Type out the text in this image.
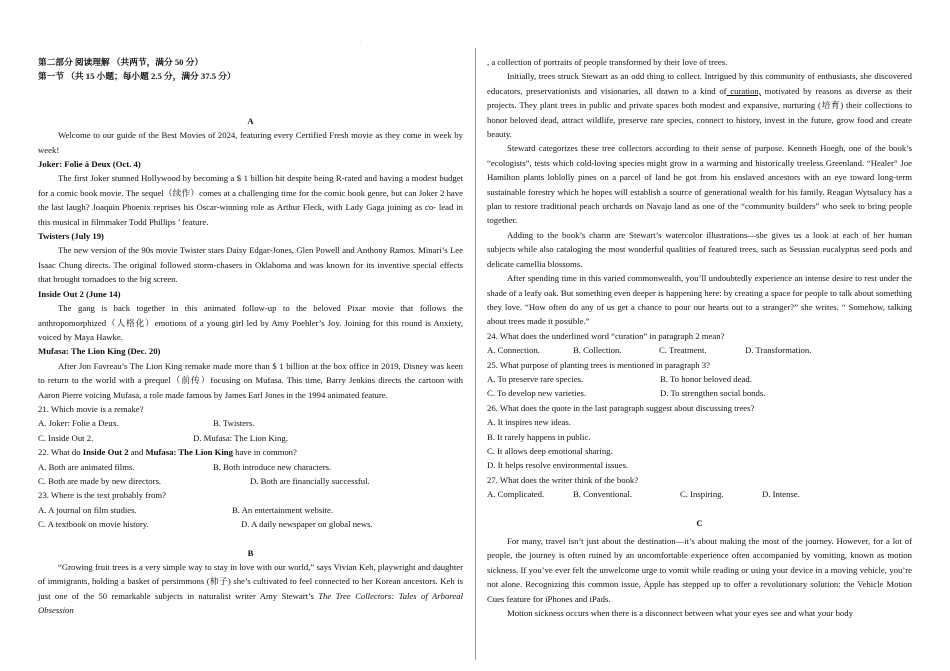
·

第二部分 阅读理解 （共两节，满分 50 分）

第一节 （共 15 小题；每小题 2.5 分，满分 37.5 分）

A

Welcome to our guide of the Best Movies of 2024, featuring every Certified Fresh movie as they come in week by week!

Joker: Folie à Deux (Oct. 4)

The first Joker stunned Hollywood by becoming a $ 1 billion hit despite being R-rated and having a modest budget for a comic book movie. The sequel（续作）comes at a challenging time for the comic book genre, but can Joker 2 have the last laugh? Joaquin Phoenix reprises his Oscar-winning role as Arthur Fleck, with Lady Gaga joining as co- lead in this musical in filmmaker Todd Phillips ’ feature.

Twisters (July 19)

The new version of the 90s movie Twister stars Daisy Edgar-Jones, Glen Powell and Anthony Ramos. Minari’s Lee Isaac Chung directs. The original followed storm-chasers in Oklahoma and was known for its inventive special effects that brought tornadoes to the big screen.

Inside Out 2 (June 14)

The gang is back together in this animated follow-up to the beloved Pixar movie that follows the anthropomorphized（人格化）emotions of a young girl led by Amy Poehler’s Joy. Joining for this round is Anxiety, voiced by Maya Hawke.

Mufasa: The Lion King (Dec. 20)

After Jon Favreau’s The Lion King remake made more than $ 1 billion at the box office in 2019, Disney was keen to return to the world with a prequel（前传）focusing on Mufasa. This time, Barry Jenkins directs the cartoon with Aaron Pierre voicing Mufasa, a role made famous by James Earl Jones in the 1994 animated feature.

21. Which movie is a remake?

A. Joker: Folie a Deux.	B. Twisters.
C. Inside Out 2.	D. Mufasa: The Lion King.

22. What do Inside Out 2 and Mufasa: The Lion King have in common?

A. Both are animated films.	B. Both introduce new characters.
C. Both are made by new directors.	D. Both are financially successful.

23. Where is the text probably from?

A. A journal on film studies.	B. An entertainment website.
C. A textbook on movie history.	D. A daily newspaper on global news.

B

“Growing fruit trees is a very simple way to stay in love with our world,” says Vivian Keh, playwright and daughter of immigrants, holding a basket of persimmons (柿子) she’s cultivated to feel connected to her Korean ancestors. Keh is just one of the 50 remarkable subjects in naturalist writer Amy Stewart’s The Tree Collectors: Tales of Arboreal Obsession

, a collection of portraits of people transformed by their love of trees.

Initially, trees struck Stewart as an odd thing to collect. Intrigued by this community of enthusiasts, she discovered educators, preservationists and visionaries, all drawn to a kind of curation, motivated by reasons as diverse as their projects. They plant trees in public and private spaces both modest and expansive, nurturing (培育) their collections to honor beloved dead, attract wildlife, preserve rare species, connect to history, invest in the future, grow food and create beauty.

Steward categorizes these tree collectors according to their sense of purpose. Kenneth Hoegh, one of the book’s “ecologists”, tests which cold-loving species might grow in a warming and historically treeless Greenland. “Healer” Joe Hamilton plants loblolly pines on a parcel of land he got from his enslaved ancestors with an eye toward long-term sustainable forestry which he hopes will establish a source of generational wealth for his family. Reagan Wytsalucy has a plan to restore traditional peach orchards on Navajo land as one of the “community builders” who seek to bring people together.

Adding to the book’s charm are Stewart’s watercolor illustrations—she gives us a look at each of her human subjects while also cataloging the most wonderful qualities of featured trees, such as Seussian eucalyptus seed pods and delicate camellia blossoms.

After spending time in this varied commonwealth, you’ll undoubtedly experience an intense desire to rest under the shade of a leafy oak. But something even deeper is happening here: by creating a space for people to talk about something they love. “How often do any of us get a chance to pour our hearts out to a stranger?” she writes. “ Somehow, talking about trees made it possible.”

24. What does the underlined word “curation” in paragraph 2 mean?

A. Connection.	B. Collection.	C. Treatment.	D. Transformation.

25. What purpose of planting trees is mentioned in paragraph 3?

A. To preserve rare species.	B. To honor beloved dead.
C. To develop new varieties.	D. To strengthen social bonds.

26. What does the quote in the last paragraph suggest about discussing trees?

A. It inspires new ideas.

B. It rarely happens in public.

C. It allows deep emotional sharing.

D. It helps resolve environmental issues.

27. What does the writer think of the book?

A. Complicated.	B. Conventional.	C. Inspiring.	D. Intense.

C

For many, travel isn’t just about the destination—it’s about making the most of the journey. However, for a lot of people, the journey is often ruined by an uncomfortable experience often accompanied by vomiting, known as motion sickness. If you’ve ever felt the unwelcome urge to vomit while reading or using your device in a moving vehicle, you’re not alone. Recognizing this common issue, Apple has stepped up to offer a revolutionary solution: the Vehicle Motion Cues feature for iPhones and iPads.

Motion sickness occurs when there is a disconnect between what your eyes see and what your body
